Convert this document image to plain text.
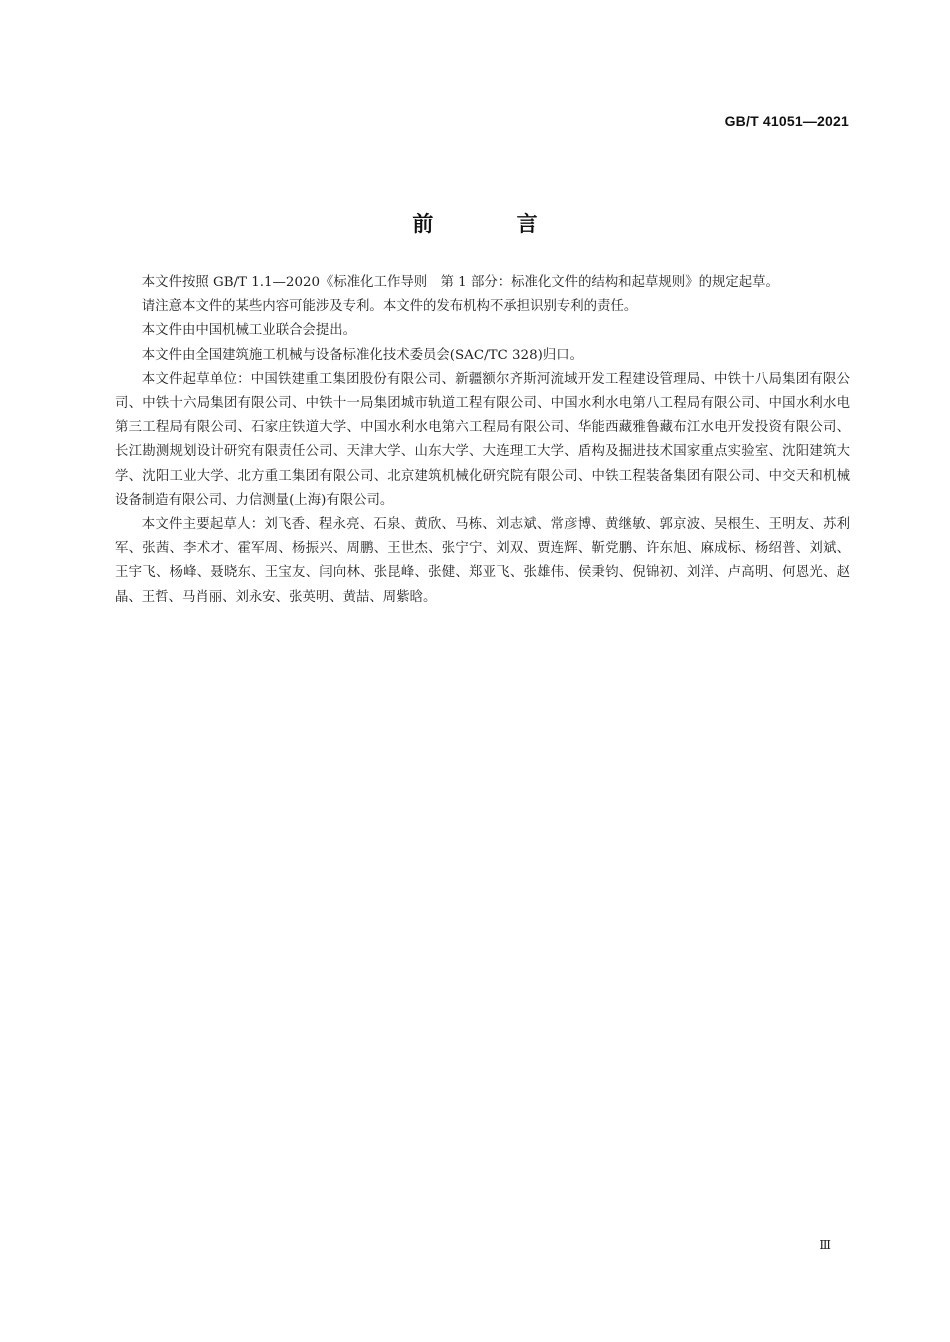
GB/T 41051—2021
前 言

本文件按照 GB/T 1.1—2020《标准化工作导则　第 1 部分：标准化文件的结构和起草规则》的规定起草。

请注意本文件的某些内容可能涉及专利。本文件的发布机构不承担识别专利的责任。

本文件由中国机械工业联合会提出。

本文件由全国建筑施工机械与设备标准化技术委员会(SAC/TC 328)归口。

本文件起草单位：中国铁建重工集团股份有限公司、新疆额尔齐斯河流域开发工程建设管理局、中铁十八局集团有限公司、中铁十六局集团有限公司、中铁十一局集团城市轨道工程有限公司、中国水利水电第八工程局有限公司、中国水利水电第三工程局有限公司、石家庄铁道大学、中国水利水电第六工程局有限公司、华能西藏雅鲁藏布江水电开发投资有限公司、长江勘测规划设计研究有限责任公司、天津大学、山东大学、大连理工大学、盾构及掘进技术国家重点实验室、沈阳建筑大学、沈阳工业大学、北方重工集团有限公司、北京建筑机械化研究院有限公司、中铁工程装备集团有限公司、中交天和机械设备制造有限公司、力信测量(上海)有限公司。

本文件主要起草人：刘飞香、程永亮、石泉、黄欣、马栋、刘志斌、常彦博、黄继敏、郭京波、吴根生、王明友、苏利军、张茜、李术才、霍军周、杨振兴、周鹏、王世杰、张宁宁、刘双、贾连辉、靳党鹏、许东旭、麻成标、杨绍普、刘斌、王宇飞、杨峰、聂晓东、王宝友、闫向林、张昆峰、张健、郑亚飞、张雄伟、侯秉钧、倪锦初、刘洋、卢高明、何恩光、赵晶、王哲、马肖丽、刘永安、张英明、黄喆、周紫晗。

Ⅲ
